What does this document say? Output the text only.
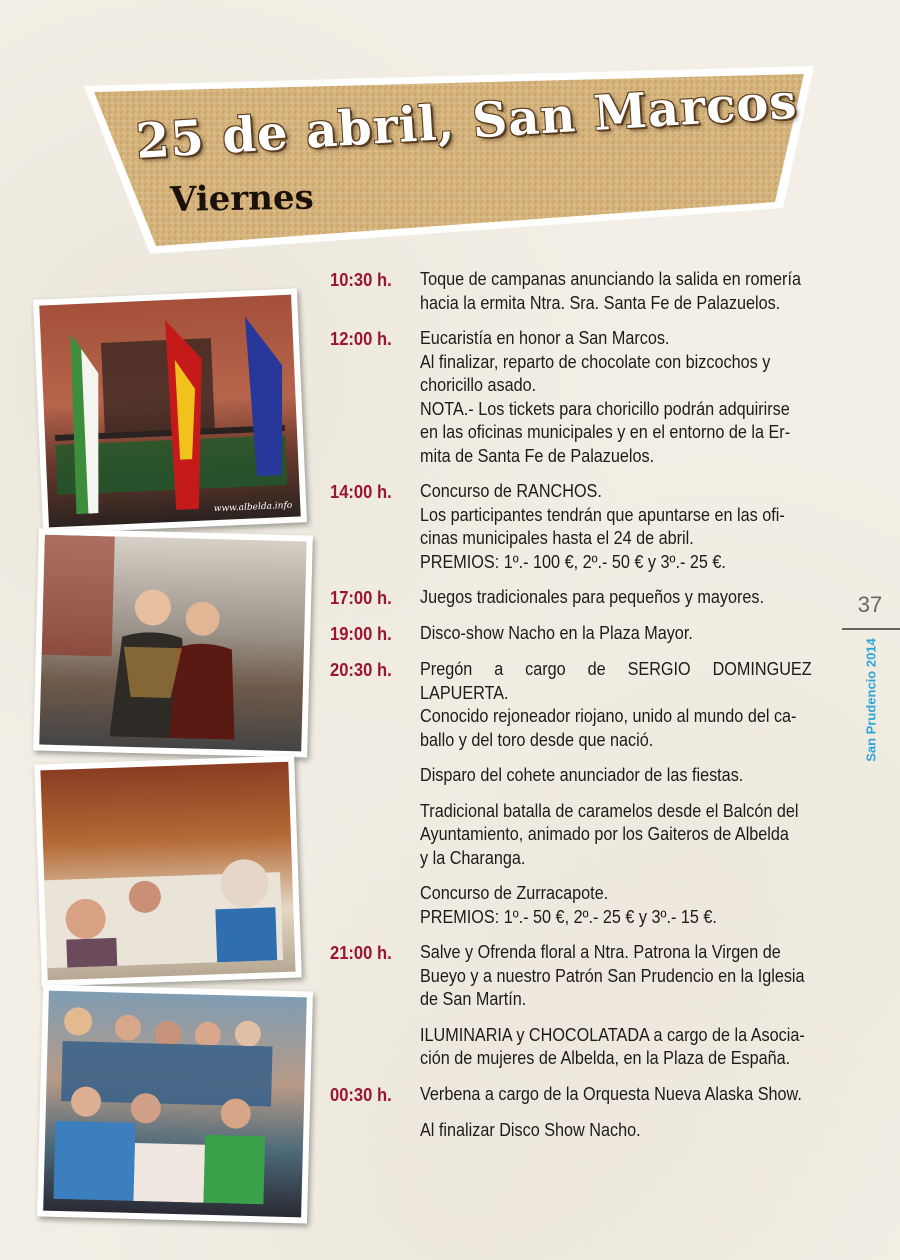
25 de abril, San Marcos
Viernes
www.albelda.info
10:30 h.	Toque de campanas anunciando la salida en romería
hacia la ermita Ntra. Sra. Santa Fe de Palazuelos.
12:00 h.	Eucaristía en honor a San Marcos.
Al finalizar, reparto de chocolate con bizcochos y
choricillo asado.
NOTA.- Los tickets para choricillo podrán adquirirse
en las oficinas municipales y en el entorno de la Er-
mita de Santa Fe de Palazuelos.
14:00 h.	Concurso de RANCHOS.
Los participantes tendrán que apuntarse en las ofi-
cinas municipales hasta el 24 de abril.
PREMIOS: 1º.- 100 €, 2º.- 50 € y 3º.- 25 €.
17:00 h.	Juegos tradicionales para pequeños y mayores.
19:00 h.	Disco-show Nacho en la Plaza Mayor.
20:30 h.	Pregón a cargo de SERGIO DOMINGUEZ LAPUERTA.
Conocido rejoneador riojano, unido al mundo del ca-
ballo y del toro desde que nació.
Disparo del cohete anunciador de las fiestas.
Tradicional batalla de caramelos desde el Balcón del
Ayuntamiento, animado por los Gaiteros de Albelda
y la Charanga.
Concurso de Zurracapote.
PREMIOS: 1º.- 50 €, 2º.- 25 € y 3º.- 15 €.
21:00 h.	Salve y Ofrenda floral a Ntra. Patrona la Virgen de
Bueyo y a nuestro Patrón San Prudencio en la Iglesia
de San Martín.
ILUMINARIA y CHOCOLATADA a cargo de la Asocia-
ción de mujeres de Albelda, en la Plaza de España.
00:30 h.	Verbena a cargo de la Orquesta Nueva Alaska Show.
Al finalizar Disco Show Nacho.
37
San Prudencio 2014
